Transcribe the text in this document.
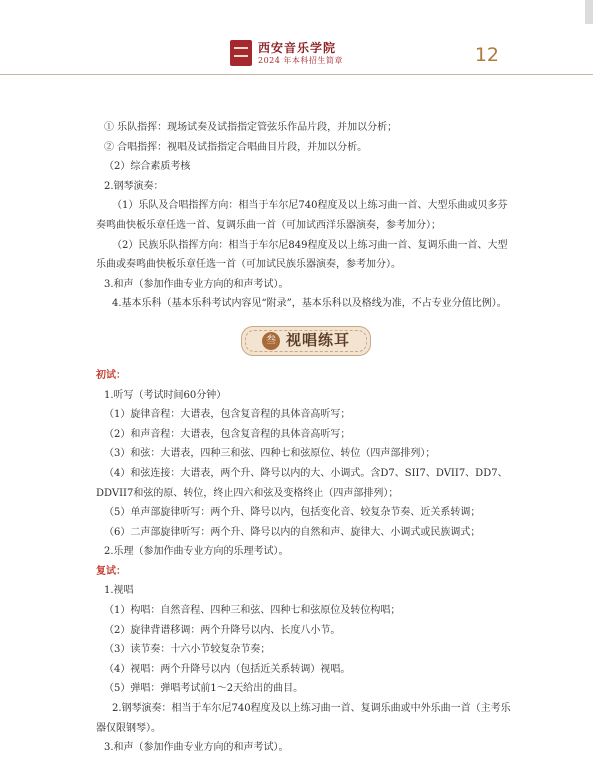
西安音乐学院
2024 年本科招生简章	12

① 乐队指挥：现场试奏及试指指定管弦乐作品片段，并加以分析；

② 合唱指挥：视唱及试指指定合唱曲目片段，并加以分析。

（2）综合素质考核

2.钢琴演奏：

（1）乐队及合唱指挥方向：相当于车尔尼740程度及以上练习曲一首、大型乐曲或贝多芬奏鸣曲快板乐章任选一首、复调乐曲一首（可加试西洋乐器演奏，参考加分）；

（2）民族乐队指挥方向：相当于车尔尼849程度及以上练习曲一首、复调乐曲一首、大型乐曲或奏鸣曲快板乐章任选一首（可加试民族乐器演奏，参考加分）。

3.和声（参加作曲专业方向的和声考试）。

4.基本乐科（基本乐科考试内容见“附录”，基本乐科以及格线为准，不占专业分值比例）。

叁 视唱练耳

初试：

1.听写（考试时间60分钟）

（1）旋律音程：大谱表，包含复音程的具体音高听写；

（2）和声音程：大谱表，包含复音程的具体音高听写；

（3）和弦：大谱表，四种三和弦、四种七和弦原位、转位（四声部排列）；

（4）和弦连接：大谱表，两个升、降号以内的大、小调式。含D7、SII7、DVII7、DD7、DDVII7和弦的原、转位，终止四六和弦及变格终止（四声部排列）；

（5）单声部旋律听写：两个升、降号以内，包括变化音、较复杂节奏、近关系转调；

（6）二声部旋律听写：两个升、降号以内的自然和声、旋律大、小调式或民族调式；

2.乐理（参加作曲专业方向的乐理考试）。

复试：

1.视唱

（1）构唱：自然音程、四种三和弦、四种七和弦原位及转位构唱；

（2）旋律背谱移调：两个升降号以内、长度八小节。

（3）读节奏：十六小节较复杂节奏；

（4）视唱：两个升降号以内（包括近关系转调）视唱。

（5）弹唱：弹唱考试前1～2天给出的曲目。

2.钢琴演奏：相当于车尔尼740程度及以上练习曲一首、复调乐曲或中外乐曲一首（主考乐器仅限钢琴）。

3.和声（参加作曲专业方向的和声考试）。
